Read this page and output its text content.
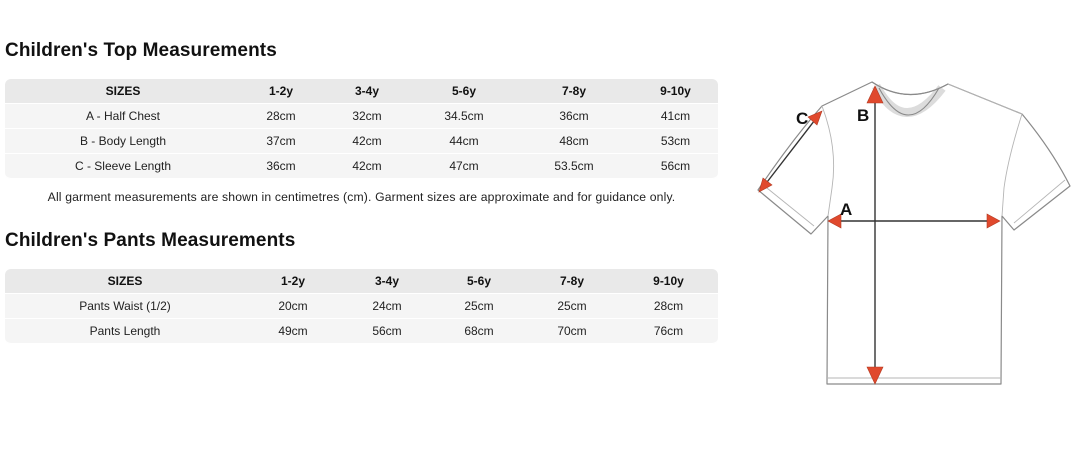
Children's Top Measurements
SIZES	1-2y	3-4y	5-6y	7-8y	9-10y
A - Half Chest	28cm	32cm	34.5cm	36cm	41cm
B - Body Length	37cm	42cm	44cm	48cm	53cm
C - Sleeve Length	36cm	42cm	47cm	53.5cm	56cm

All garment measurements are shown in centimetres (cm). Garment sizes are approximate and for guidance only.

Children's Pants Measurements
SIZES	1-2y	3-4y	5-6y	7-8y	9-10y
Pants Waist (1/2)	20cm	24cm	25cm	25cm	28cm
Pants Length	49cm	56cm	68cm	70cm	76cm
A
B
C
